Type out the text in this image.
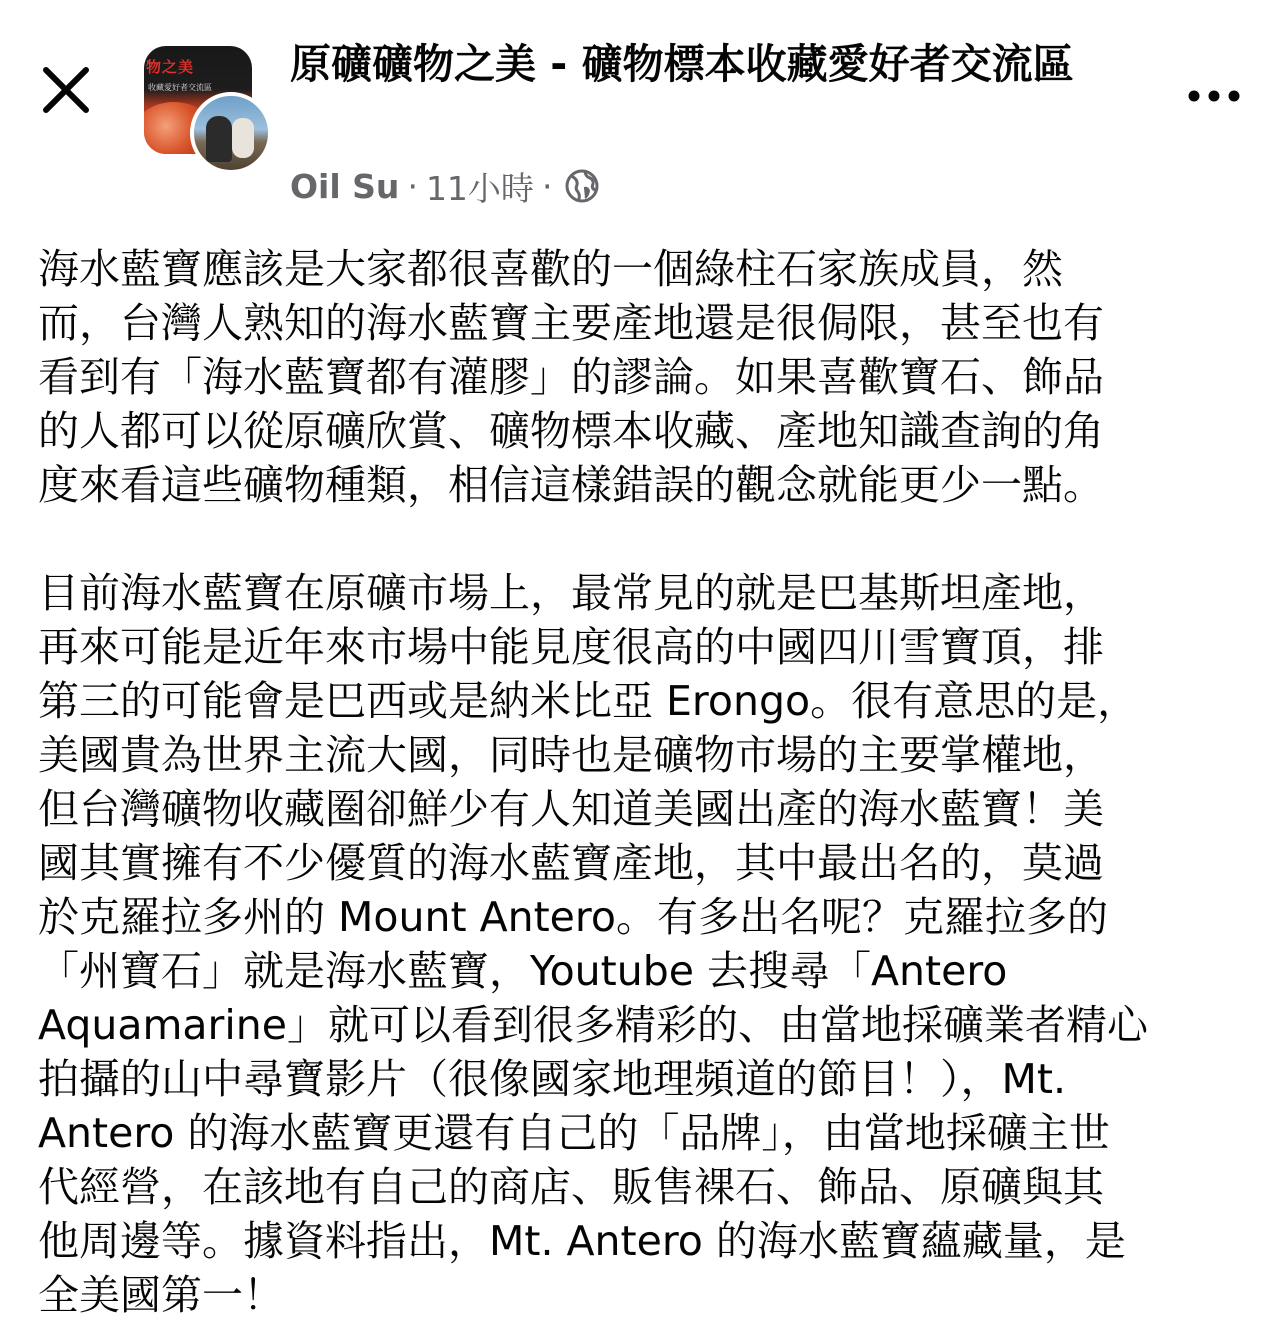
物之美
收藏愛好者交流區 原礦礦物之美 - 礦物標本收藏愛好者交流區
Oil Su · 11小時 ·

海水藍寶應該是大家都很喜歡的一個綠柱石家族成員，然
而，台灣人熟知的海水藍寶主要產地還是很侷限，甚至也有
看到有「海水藍寶都有灌膠」的謬論。如果喜歡寶石、飾品
的人都可以從原礦欣賞、礦物標本收藏、產地知識查詢的角
度來看這些礦物種類，相信這樣錯誤的觀念就能更少一點。

目前海水藍寶在原礦市場上，最常見的就是巴基斯坦產地，
再來可能是近年來市場中能見度很高的中國四川雪寶頂，排
第三的可能會是巴西或是納米比亞 Erongo。很有意思的是，
美國貴為世界主流大國，同時也是礦物市場的主要掌權地，
但台灣礦物收藏圈卻鮮少有人知道美國出產的海水藍寶！美
國其實擁有不少優質的海水藍寶產地，其中最出名的，莫過
於克羅拉多州的 Mount Antero。有多出名呢？克羅拉多的
「州寶石」就是海水藍寶，Youtube 去搜尋「Antero
Aquamarine」就可以看到很多精彩的、由當地採礦業者精心
拍攝的山中尋寶影片（很像國家地理頻道的節目！），Mt.
Antero 的海水藍寶更還有自己的「品牌」，由當地採礦主世
代經營，在該地有自己的商店、販售裸石、飾品、原礦與其
他周邊等。據資料指出，Mt. Antero 的海水藍寶蘊藏量，是
全美國第一！
